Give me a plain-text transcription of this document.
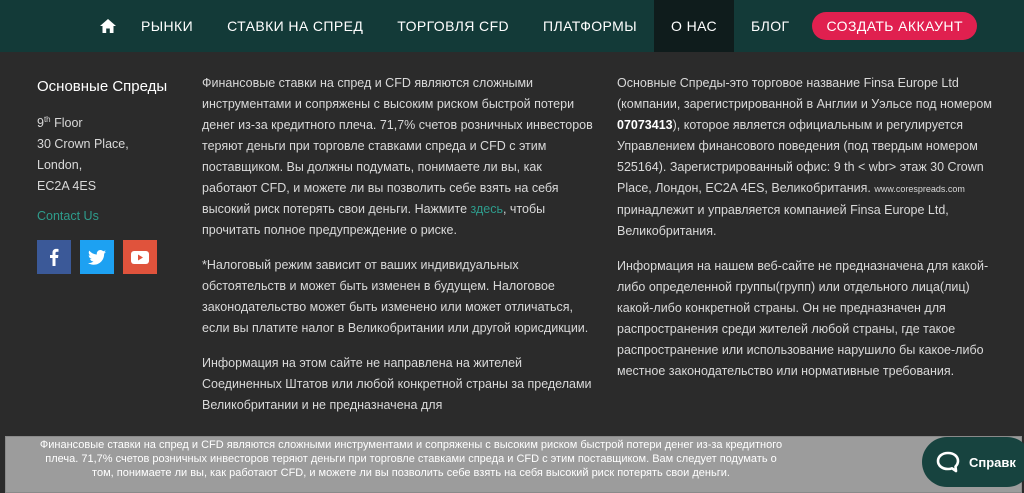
РЫНКИ	СТАВКИ НА СПРЕД	ТОРГОВЛЯ CFD	ПЛАТФОРМЫ	О НАС	БЛОГ	СОЗДАТЬ АККАУНТ
Основные Спреды
9th Floor
30 Crown Place,
London,
EC2A 4ES
Contact Us

Финансовые ставки на спред и CFD являются сложными инструментами и сопряжены с высоким риском быстрой потери денег из-за кредитного плеча. 71,7% счетов розничных инвесторов теряют деньги при торговле ставками спреда и CFD с этим поставщиком. Вы должны подумать, понимаете ли вы, как работают CFD, и можете ли вы позволить себе взять на себя высокий риск потерять свои деньги. Нажмите здесь, чтобы прочитать полное предупреждение о риске.

*Налоговый режим зависит от ваших индивидуальных обстоятельств и может быть изменен в будущем. Налоговое законодательство может быть изменено или может отличаться, если вы платите налог в Великобритании или другой юрисдикции.

Информация на этом сайте не направлена на жителей Соединенных Штатов или любой конкретной страны за пределами Великобритании и не предназначена для

Основные Спреды-это торговое название Finsa Europe Ltd (компании, зарегистрированной в Англии и Уэльсе под номером 07073413), которое является официальным и регулируется Управлением финансового поведения (под твердым номером 525164). Зарегистрированный офис: 9 th < wbr> этаж 30 Crown Place, Лондон, EC2A 4ES, Великобритания. www.corespreads.com принадлежит и управляется компанией Finsa Europe Ltd, Великобритания.

Информация на нашем веб-сайте не предназначена для какой-либо определенной группы(групп) или отдельного лица(лиц) какой-либо конкретной страны. Он не предназначен для распространения среди жителей любой страны, где такое распространение или использование нарушило бы какое-либо местное законодательство или нормативные требования.

Финансовые ставки на спред и CFD являются сложными инструментами и сопряжены с высоким риском быстрой потери денег из-за кредитного плеча. 71,7% счетов розничных инвесторов теряют деньги при торговле ставками спреда и CFD с этим поставщиком. Вам следует подумать о том, понимаете ли вы, как работают CFD, и можете ли вы позволить себе взять на себя высокий риск потерять свои деньги.
Справк
